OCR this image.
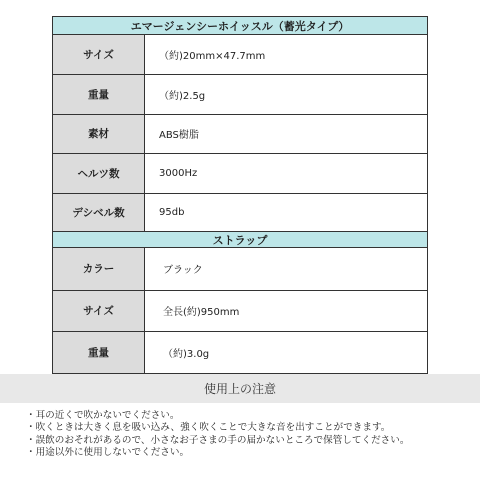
エマージェンシーホイッスル（蓄光タイプ）
サイズ	（約)20mm×47.7mm
重量	（約)2.5g
素材	ABS樹脂
ヘルツ数	3000Hz
デシベル数	95db
ストラップ
カラー	ブラック
サイズ	全長(約)950mm
重量	（約)3.0g
使用上の注意
・耳の近くで吹かないでください。
・吹くときは大きく息を吸い込み、強く吹くことで大きな音を出すことができます。
・誤飲のおそれがあるので、小さなお子さまの手の届かないところで保管してください。
・用途以外に使用しないでください。
